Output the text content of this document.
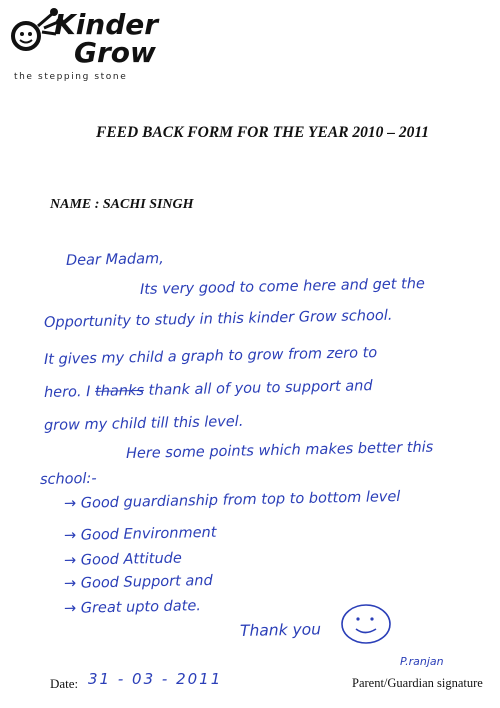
Kinder
Grow
the stepping stone
FEED BACK FORM FOR THE YEAR 2010 – 2011
NAME : SACHI SINGH
Dear Madam,
Its very good to come here and get the
Opportunity to study in this kinder Grow school.
It gives my child a graph to grow from zero to
hero. I thanks thank all of you to support and
grow my child till this level.
Here some points which makes better this
school:-
→ Good guardianship from top to bottom level
→ Good Environment
→ Good Attitude
→ Good Support and
→ Great upto date.
Thank you
Date: 31 - 03 - 2011
P.ranjan
Parent/Guardian signature
